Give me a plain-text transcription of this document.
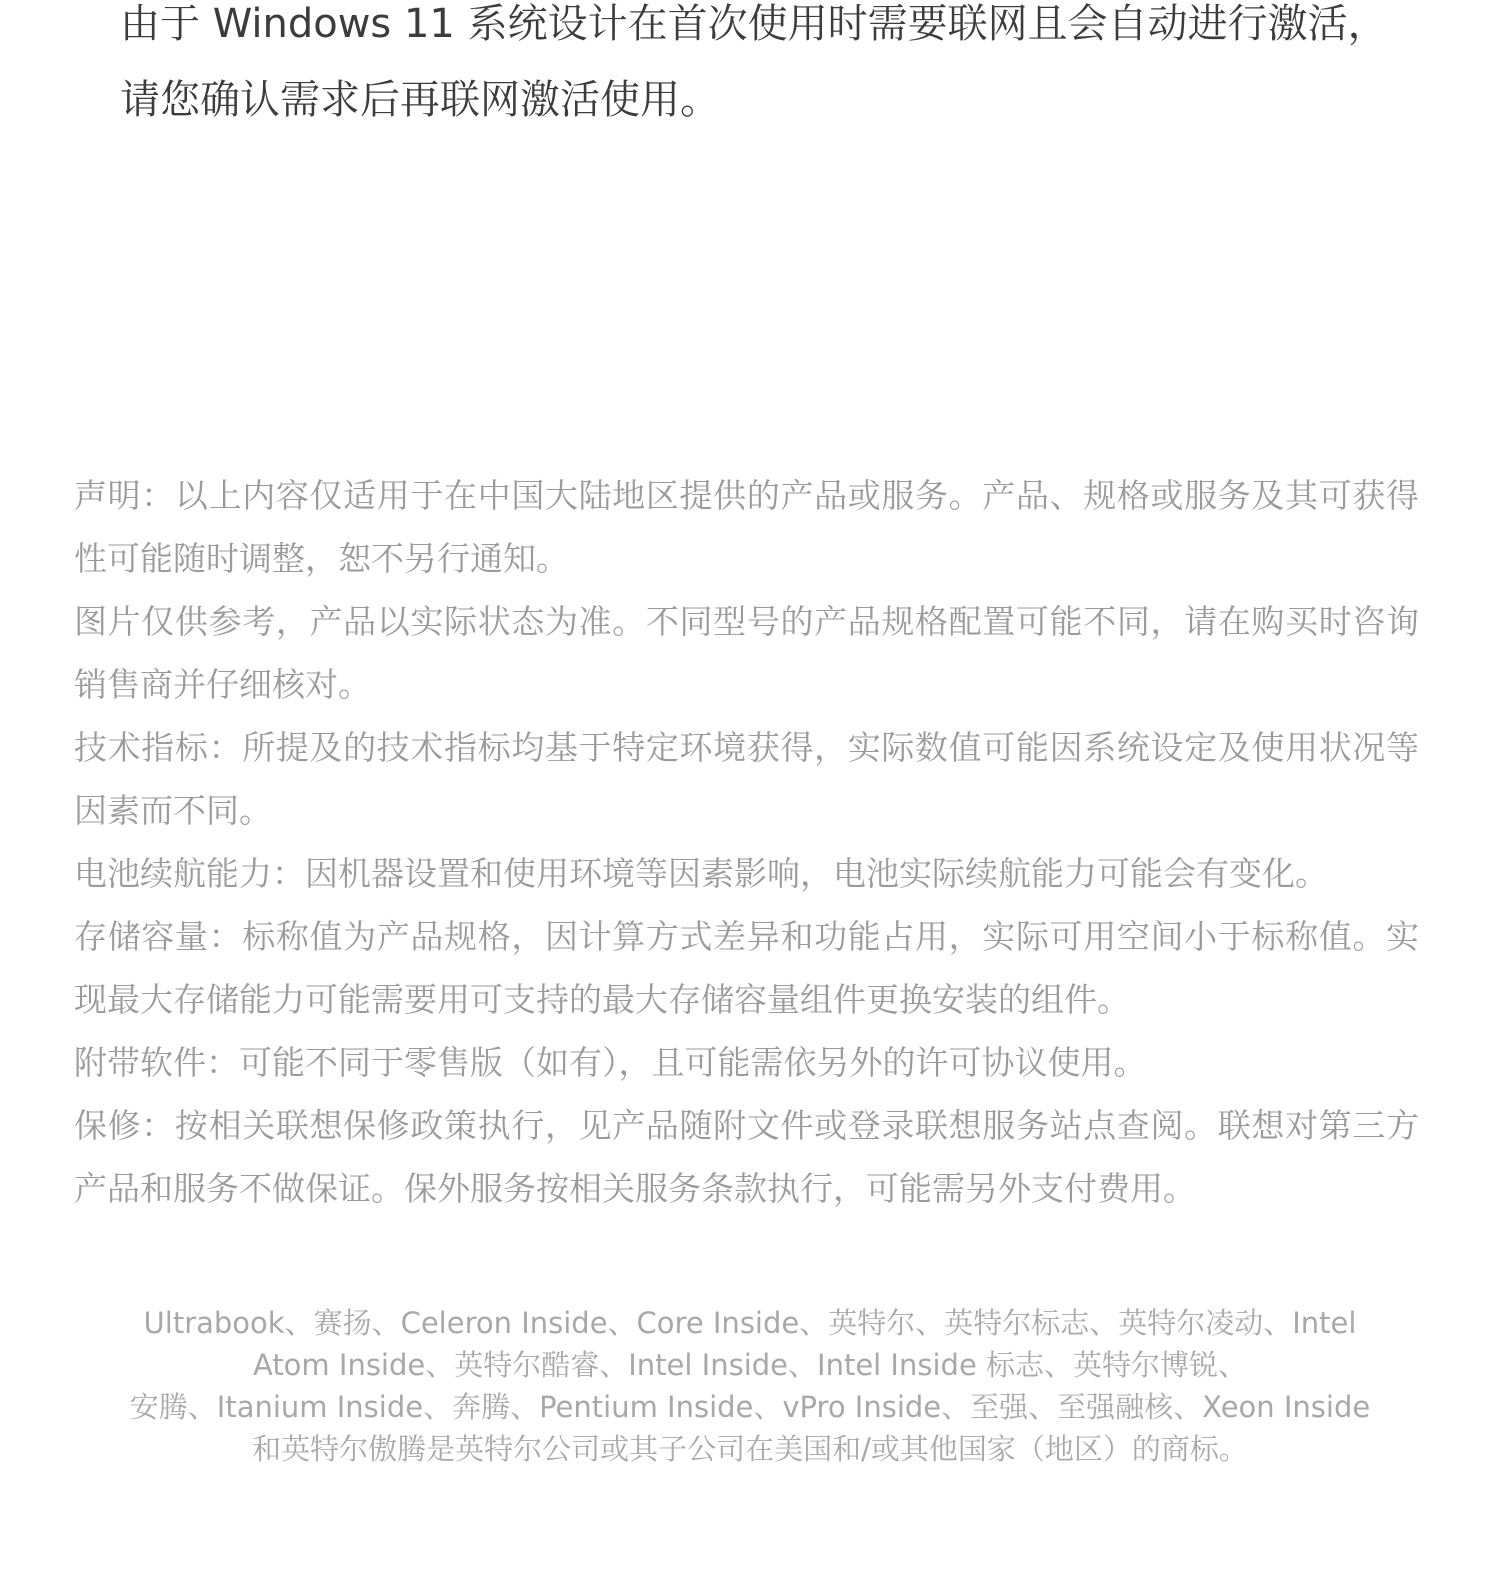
由于 Windows 11 系统设计在首次使用时需要联网且会自动进行激活，请您确认需求后再联网激活使用。

声明：以上内容仅适用于在中国大陆地区提供的产品或服务。产品、规格或服务及其可获得性可能随时调整，恕不另行通知。
图片仅供参考，产品以实际状态为准。不同型号的产品规格配置可能不同，请在购买时咨询销售商并仔细核对。
技术指标：所提及的技术指标均基于特定环境获得，实际数值可能因系统设定及使用状况等因素而不同。
电池续航能力：因机器设置和使用环境等因素影响，电池实际续航能力可能会有变化。
存储容量：标称值为产品规格，因计算方式差异和功能占用，实际可用空间小于标称值。实现最大存储能力可能需要用可支持的最大存储容量组件更换安装的组件。
附带软件：可能不同于零售版（如有），且可能需依另外的许可协议使用。
保修：按相关联想保修政策执行，见产品随附文件或登录联想服务站点查阅。联想对第三方产品和服务不做保证。保外服务按相关服务条款执行，可能需另外支付费用。

Ultrabook、赛扬、Celeron Inside、Core Inside、英特尔、英特尔标志、英特尔凌动、Intel
Atom Inside、英特尔酷睿、Intel Inside、Intel Inside 标志、英特尔博锐、
安腾、Itanium Inside、奔腾、Pentium Inside、vPro Inside、至强、至强融核、Xeon Inside
和英特尔傲腾是英特尔公司或其子公司在美国和/或其他国家（地区）的商标。
